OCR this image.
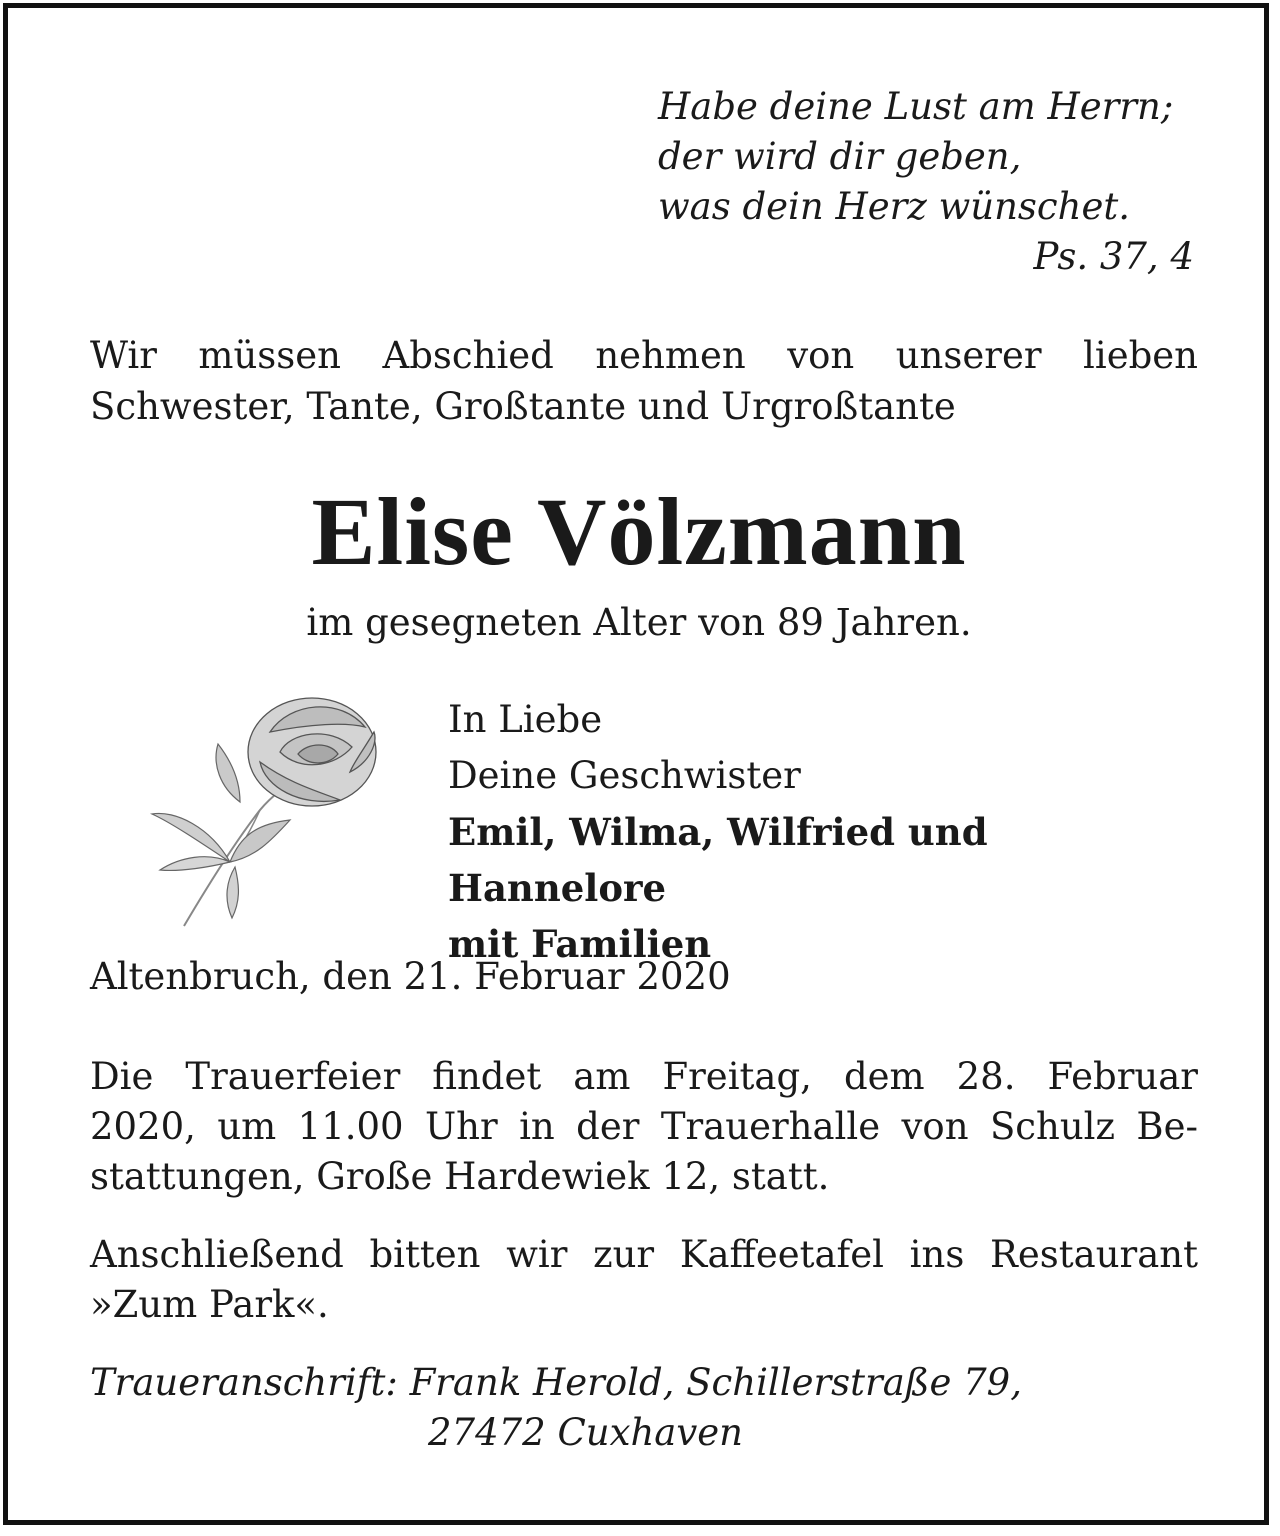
Habe deine Lust am Herrn;
der wird dir geben,
was dein Herz wünschet.
Ps. 37, 4
Wir müssen Abschied nehmen von unserer lieben
Schwester, Tante, Großtante und Urgroßtante
Elise Völzmann
im gesegneten Alter von 89 Jahren.
In Liebe
Deine Geschwister
Emil, Wilma, Wilfried und Hannelore
mit Familien
Altenbruch, den 21. Februar 2020
Die Trauerfeier findet am Freitag, dem 28. Februar
2020, um 11.00 Uhr in der Trauerhalle von Schulz Be-
stattungen, Große Hardewiek 12, statt.
Anschließend bitten wir zur Kaffeetafel ins Restaurant
»Zum Park«.
Traueranschrift: Frank Herold, Schillerstraße 79,
27472 Cuxhaven
